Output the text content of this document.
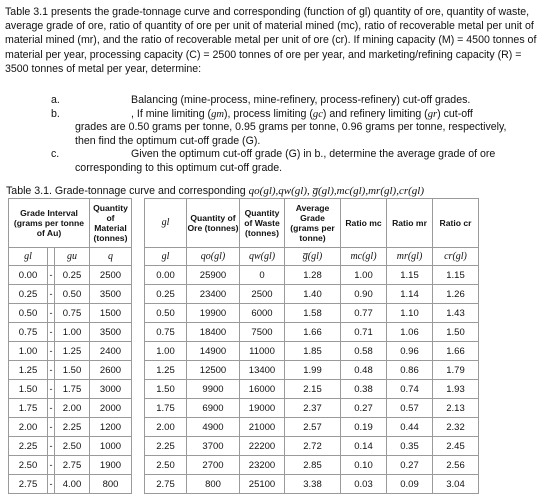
Table 3.1 presents the grade-tonnage curve and corresponding (function of gl) quantity of ore, quantity of waste, average grade of ore, ratio of quantity of ore per unit of material mined (mc), ratio of recoverable metal per unit of material mined (mr), and the ratio of recoverable metal per unit of ore (cr). If mining capacity (M) = 4500 tonnes of material per year, processing capacity (C) = 2500 tonnes of ore per year, and marketing/refining capacity (R) = 3500 tonnes of metal per year, determine:
a.	Balancing (mine-process, mine-refinery, process-refinery) cut-off grades.
b.	, If mine limiting (gm), process limiting (gc) and refinery limiting (gr) cut-off
grades are 0.50 grams per tonne, 0.95 grams per tonne, 0.96 grams per tonne, respectively,
then find the optimum cut-off grade (G).
c.	Given the optimum cut-off grade (G) in b., determine the average grade of ore
corresponding to this optimum cut-off grade.
Table 3.1. Grade-tonnage curve and corresponding qo(gl),qw(gl), g̅(gl),mc(gl),mr(gl),cr(gl)
Grade Interval (grams per tonne of Au)			Quantity of Material (tonnes)		gl	Quantity of Ore (tonnes)	Quantity of Waste (tonnes)	Average Grade (grams per tonne)	Ratio mc	Ratio mr	Ratio cr
gl		gu	q		gl	qo(gl)	qw(gl)	g̅(gl)	mc(gl)	mr(gl)	cr(gl)
0.00	-	0.25	2500		0.00	25900	0	1.28	1.00	1.15	1.15
0.25	-	0.50	3500		0.25	23400	2500	1.40	0.90	1.14	1.26
0.50	-	0.75	1500		0.50	19900	6000	1.58	0.77	1.10	1.43
0.75	-	1.00	3500		0.75	18400	7500	1.66	0.71	1.06	1.50
1.00	-	1.25	2400		1.00	14900	11000	1.85	0.58	0.96	1.66
1.25	-	1.50	2600		1.25	12500	13400	1.99	0.48	0.86	1.79
1.50	-	1.75	3000		1.50	9900	16000	2.15	0.38	0.74	1.93
1.75	-	2.00	2000		1.75	6900	19000	2.37	0.27	0.57	2.13
2.00	-	2.25	1200		2.00	4900	21000	2.57	0.19	0.44	2.32
2.25	-	2.50	1000		2.25	3700	22200	2.72	0.14	0.35	2.45
2.50	-	2.75	1900		2.50	2700	23200	2.85	0.10	0.27	2.56
2.75	-	4.00	800		2.75	800	25100	3.38	0.03	0.09	3.04
